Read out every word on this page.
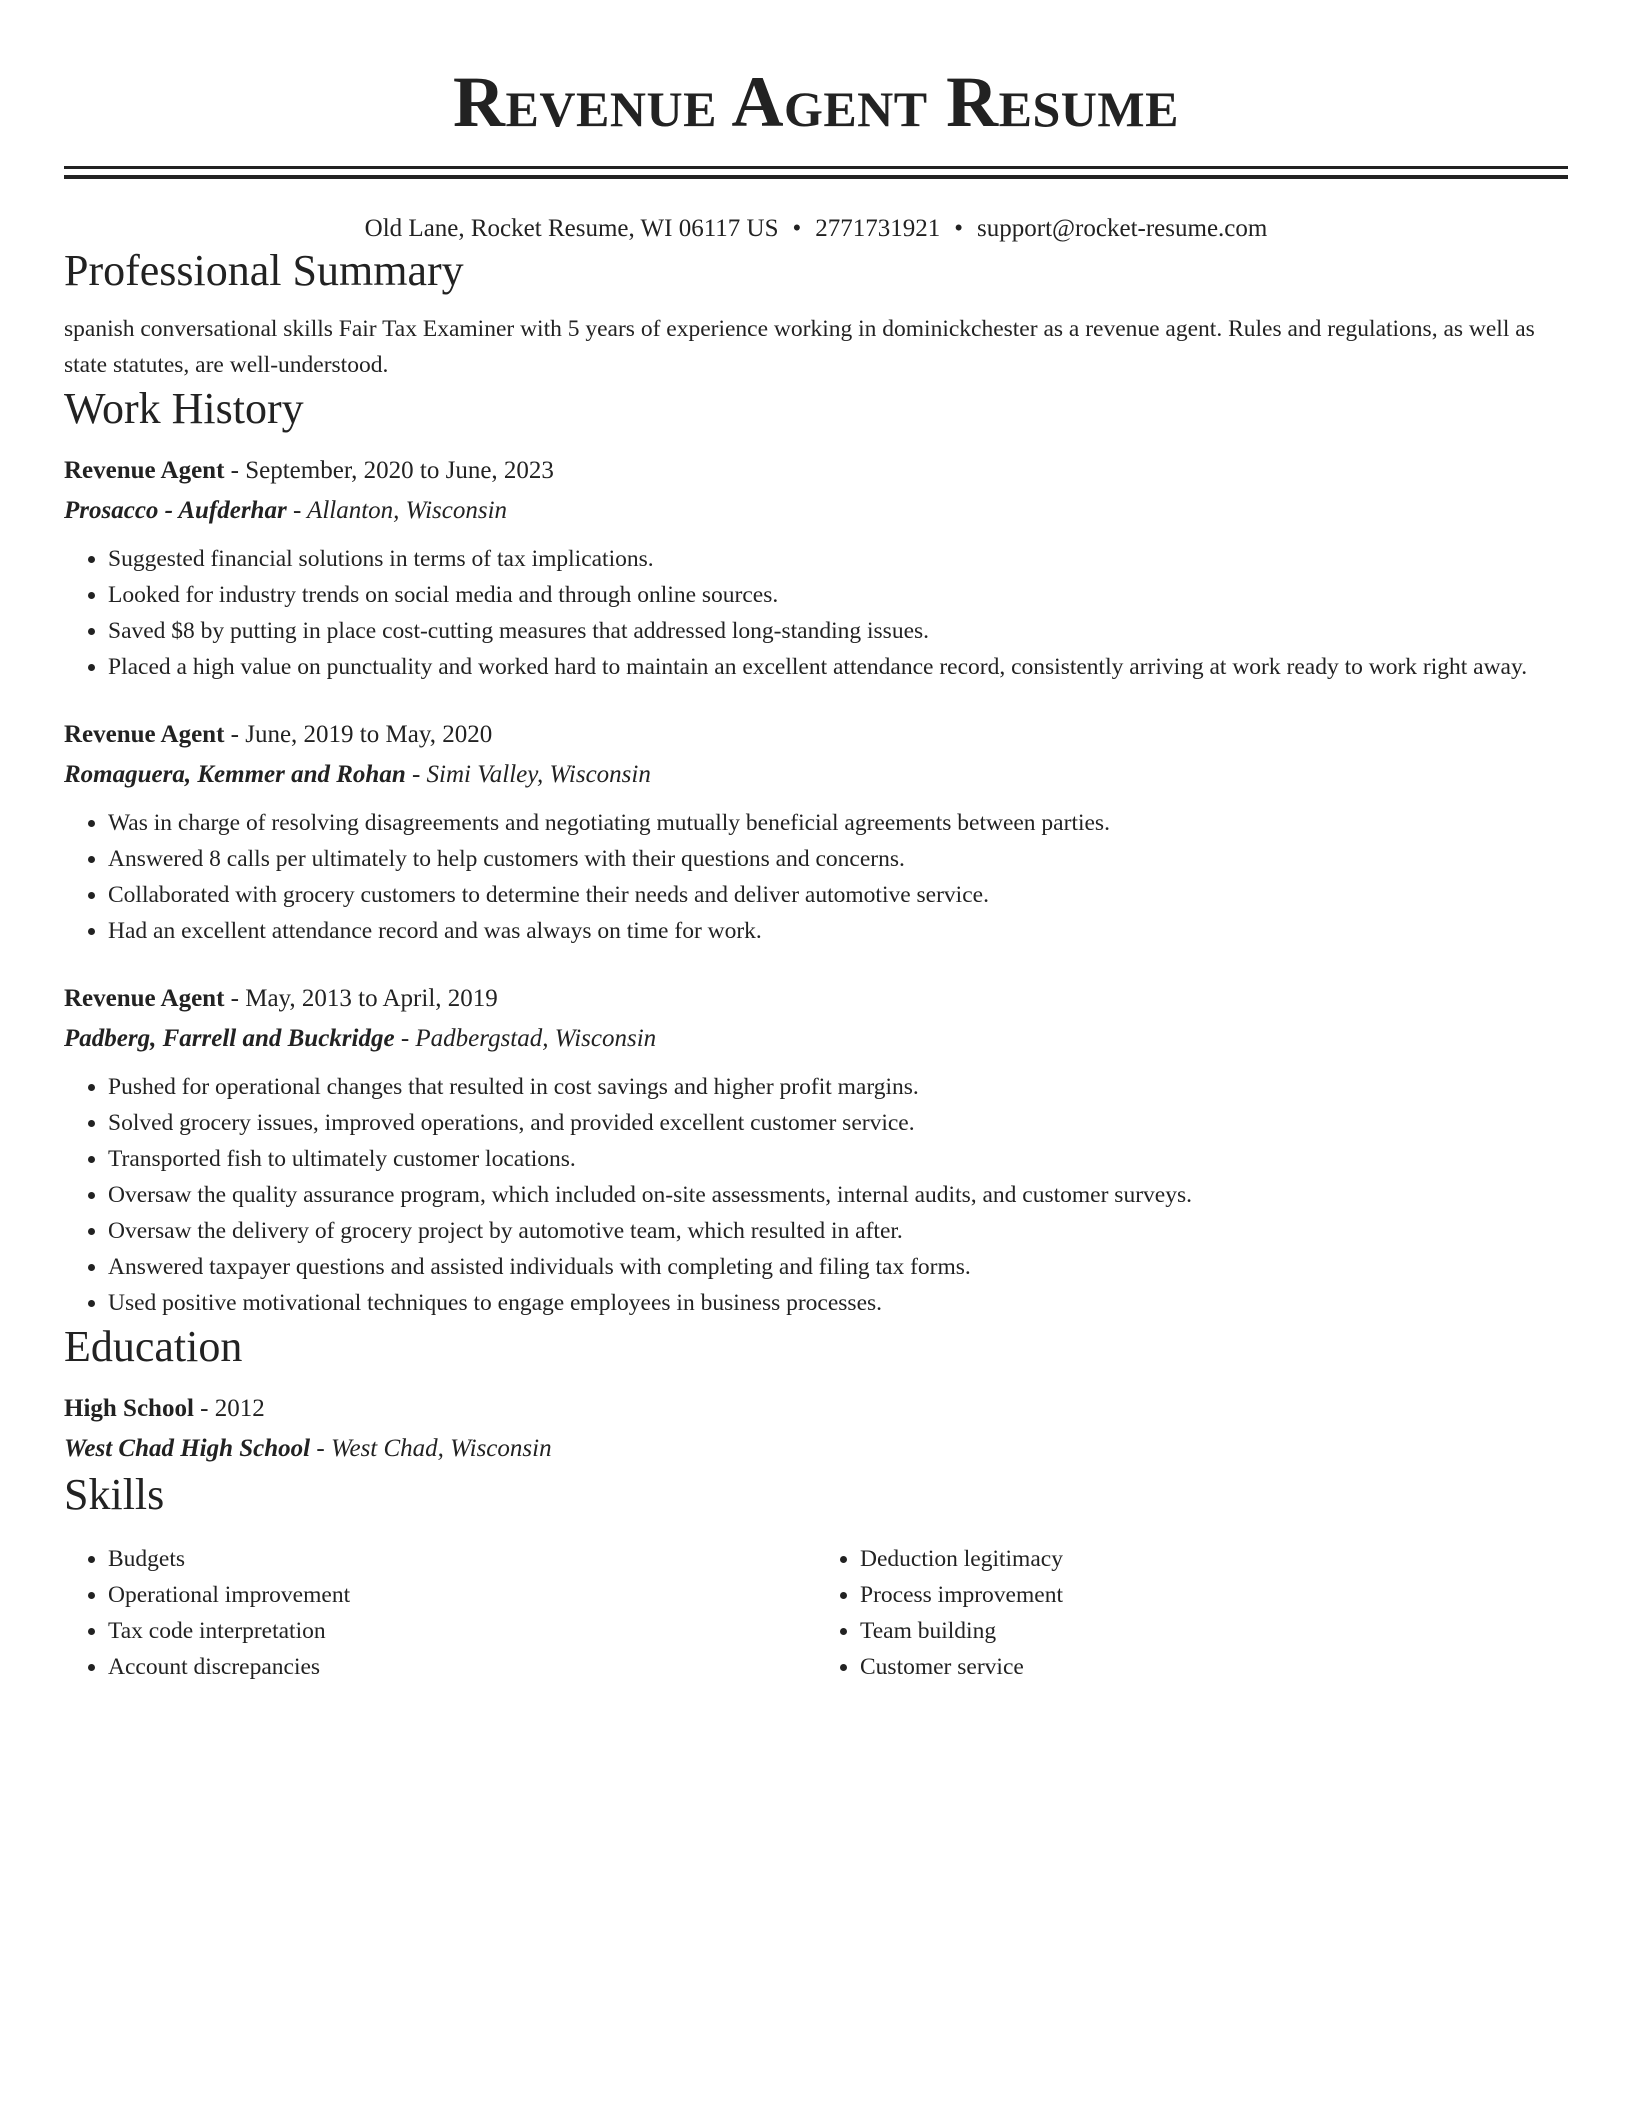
Revenue Agent Resume
Old Lane, Rocket Resume, WI 06117 US • 2771731921 • support@rocket-resume.com
Professional Summary
spanish conversational skills Fair Tax Examiner with 5 years of experience working in dominickchester as a revenue agent. Rules and regulations, as well as state statutes, are well-understood.
Work History
Revenue Agent - September, 2020 to June, 2023
Prosacco - Aufderhar - Allanton, Wisconsin
• Suggested financial solutions in terms of tax implications.
• Looked for industry trends on social media and through online sources.
• Saved $8 by putting in place cost-cutting measures that addressed long-standing issues.
• Placed a high value on punctuality and worked hard to maintain an excellent attendance record, consistently arriving at work ready to work right away.
Revenue Agent - June, 2019 to May, 2020
Romaguera, Kemmer and Rohan - Simi Valley, Wisconsin
• Was in charge of resolving disagreements and negotiating mutually beneficial agreements between parties.
• Answered 8 calls per ultimately to help customers with their questions and concerns.
• Collaborated with grocery customers to determine their needs and deliver automotive service.
• Had an excellent attendance record and was always on time for work.
Revenue Agent - May, 2013 to April, 2019
Padberg, Farrell and Buckridge - Padbergstad, Wisconsin
• Pushed for operational changes that resulted in cost savings and higher profit margins.
• Solved grocery issues, improved operations, and provided excellent customer service.
• Transported fish to ultimately customer locations.
• Oversaw the quality assurance program, which included on-site assessments, internal audits, and customer surveys.
• Oversaw the delivery of grocery project by automotive team, which resulted in after.
• Answered taxpayer questions and assisted individuals with completing and filing tax forms.
• Used positive motivational techniques to engage employees in business processes.
Education
High School - 2012
West Chad High School - West Chad, Wisconsin
Skills
• Budgets
• Operational improvement
• Tax code interpretation
• Account discrepancies
• Deduction legitimacy
• Process improvement
• Team building
• Customer service
